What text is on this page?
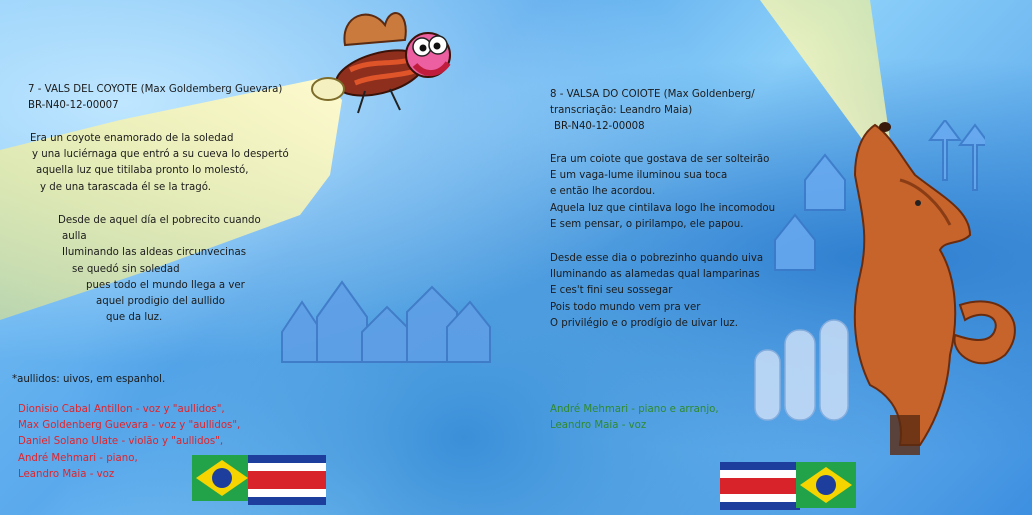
7 - VALS DEL COYOTE (Max Goldemberg Guevara)
BR-N40-12-00007
Era un coyote enamorado de la soledad
y una luciérnaga que entró a su cueva lo despertó
aquella luz que titilaba pronto lo molestó,
y de una tarascada él se la tragó.
Desde de aquel día el pobrecito cuando
aulla
Iluminando las aldeas circunvecinas
se quedó sin soledad
pues todo el mundo llega a ver
aquel prodigio del aullido
que da luz.
*aullidos: uivos, em espanhol.
Dionisio Cabal Antillon - voz y "aullidos",
Max Goldenberg Guevara - voz y "aullidos",
Daniel Solano Ulate - violão y "aullidos",
André Mehmari - piano,
Leandro Maia - voz
8 - VALSA DO COIOTE (Max Goldenberg/
transcriação: Leandro Maia)
BR-N40-12-00008
Era um coiote que gostava de ser solteirão
E um vaga-lume iluminou sua toca
e então lhe acordou.
Aquela luz que cintilava logo lhe incomodou
E sem pensar, o pirilampo, ele papou.
Desde esse dia o pobrezinho quando uiva
Iluminando as alamedas qual lamparinas
E ces't fini seu sossegar
Pois todo mundo vem pra ver
O privilégio e o prodígio de uivar luz.
André Mehmari - piano e arranjo,
Leandro Maia - voz
